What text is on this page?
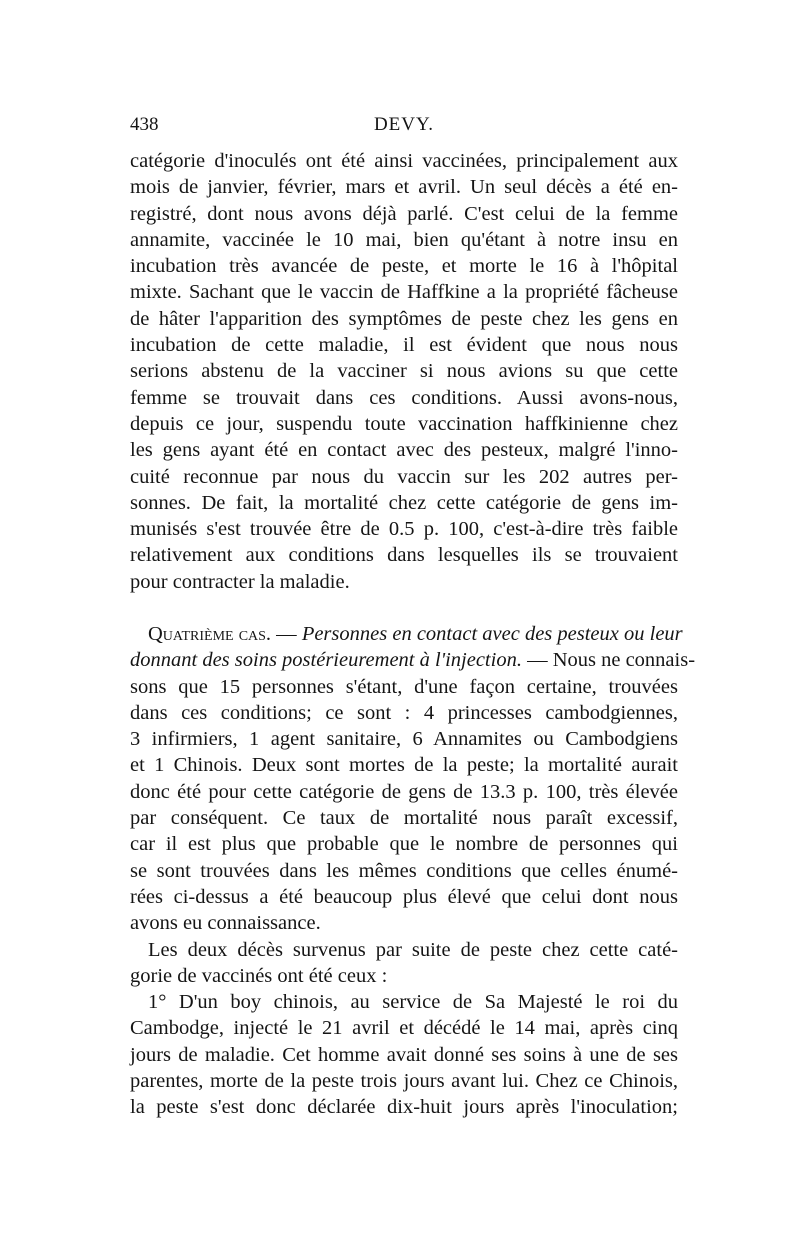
438	DEVY.
catégorie d'inoculés ont été ainsi vaccinées, principalement aux
mois de janvier, février, mars et avril. Un seul décès a été en-
registré, dont nous avons déjà parlé. C'est celui de la femme
annamite, vaccinée le 10 mai, bien qu'étant à notre insu en
incubation très avancée de peste, et morte le 16 à l'hôpital
mixte. Sachant que le vaccin de Haffkine a la propriété fâcheuse
de hâter l'apparition des symptômes de peste chez les gens en
incubation de cette maladie, il est évident que nous nous
serions abstenu de la vacciner si nous avions su que cette
femme se trouvait dans ces conditions. Aussi avons-nous,
depuis ce jour, suspendu toute vaccination haffkinienne chez
les gens ayant été en contact avec des pesteux, malgré l'inno-
cuité reconnue par nous du vaccin sur les 202 autres per-
sonnes. De fait, la mortalité chez cette catégorie de gens im-
munisés s'est trouvée être de 0.5 p. 100, c'est-à-dire très faible
relativement aux conditions dans lesquelles ils se trouvaient
pour contracter la maladie.
Quatrième cas. — Personnes en contact avec des pesteux ou leur
donnant des soins postérieurement à l'injection. — Nous ne connais-
sons que 15 personnes s'étant, d'une façon certaine, trouvées
dans ces conditions; ce sont : 4 princesses cambodgiennes,
3 infirmiers, 1 agent sanitaire, 6 Annamites ou Cambodgiens
et 1 Chinois. Deux sont mortes de la peste; la mortalité aurait
donc été pour cette catégorie de gens de 13.3 p. 100, très élevée
par conséquent. Ce taux de mortalité nous paraît excessif,
car il est plus que probable que le nombre de personnes qui
se sont trouvées dans les mêmes conditions que celles énumé-
rées ci-dessus a été beaucoup plus élevé que celui dont nous
avons eu connaissance.
Les deux décès survenus par suite de peste chez cette caté-
gorie de vaccinés ont été ceux :
1° D'un boy chinois, au service de Sa Majesté le roi du
Cambodge, injecté le 21 avril et décédé le 14 mai, après cinq
jours de maladie. Cet homme avait donné ses soins à une de ses
parentes, morte de la peste trois jours avant lui. Chez ce Chinois,
la peste s'est donc déclarée dix-huit jours après l'inoculation;
